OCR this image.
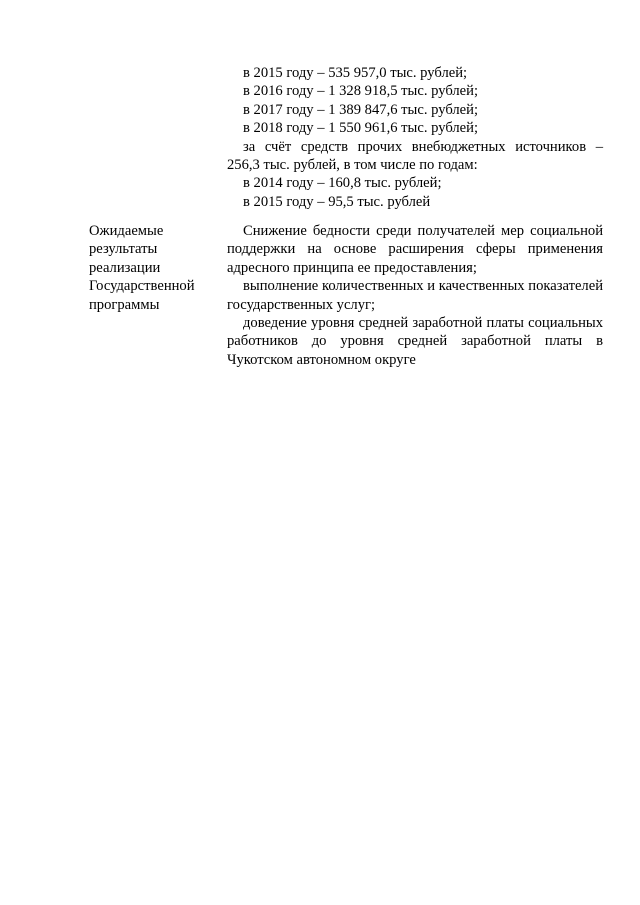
в 2015 году – 535 957,0 тыс. рублей;

в 2016 году – 1 328 918,5 тыс. рублей;

в 2017 году – 1 389 847,6 тыс. рублей;

в 2018 году – 1 550 961,6 тыс. рублей;

за счёт средств прочих внебюджетных источников – 256,3 тыс. рублей, в том числе по годам:

в 2014 году – 160,8 тыс. рублей;

в 2015 году – 95,5 тыс. рублей

Ожидаемые
результаты
реализации
Государственной
программы

Снижение бедности среди получателей мер социальной поддержки на основе расширения сферы применения адресного принципа ее предоставления;

выполнение количественных и качественных показателей государственных услуг;

доведение уровня средней заработной платы социальных работников до уровня средней заработной платы в Чукотском автономном округе
